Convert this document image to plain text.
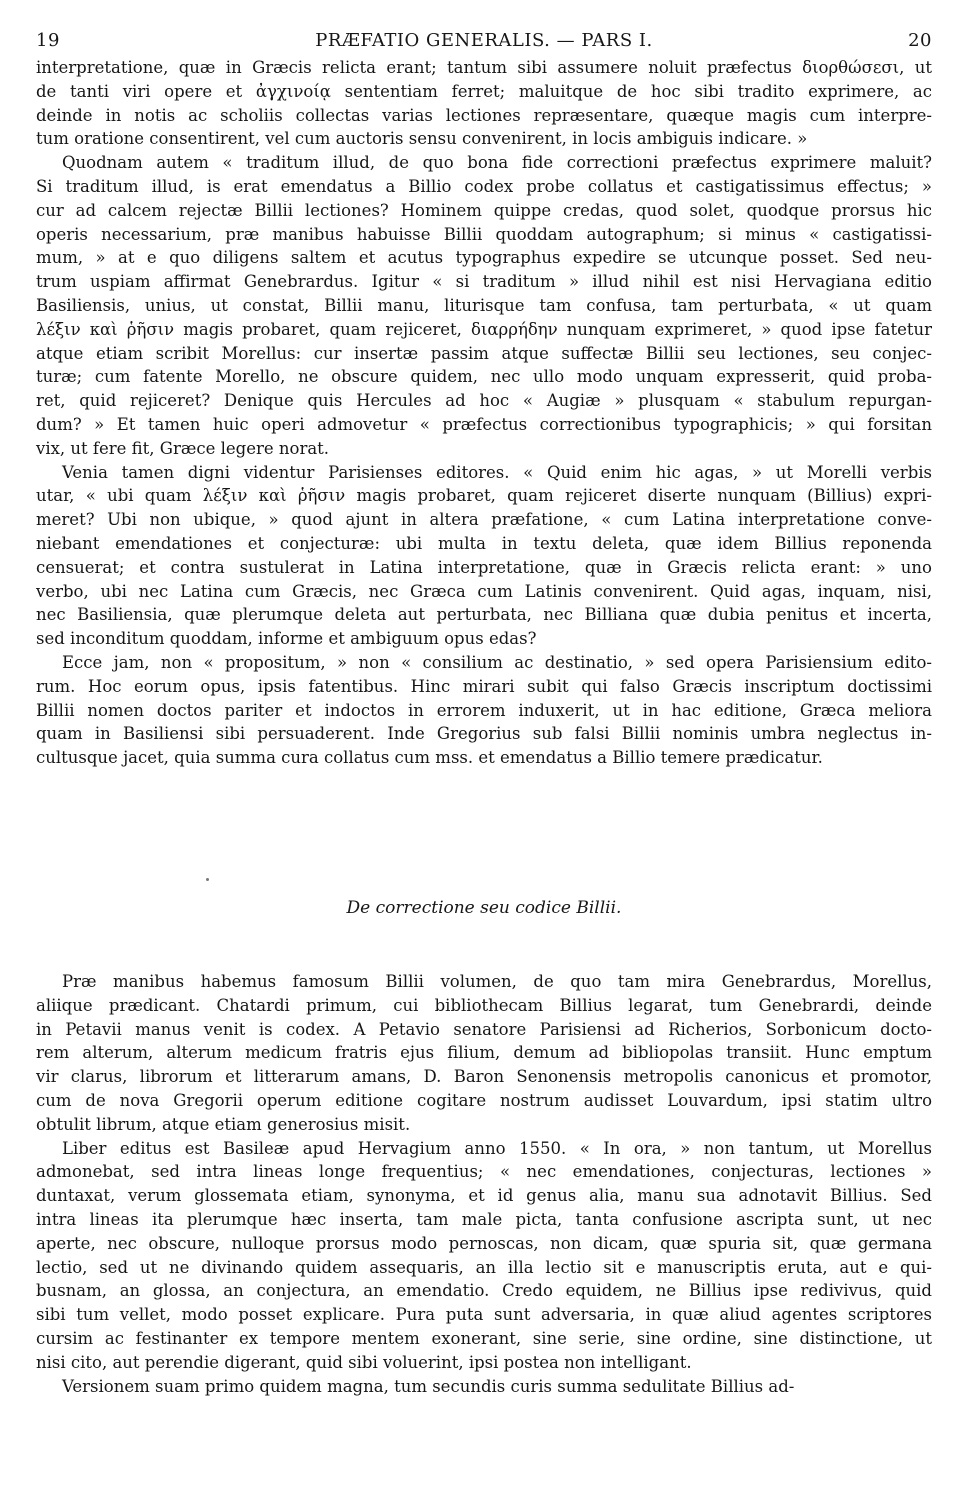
19	PRÆFATIO GENERALIS. — PARS I.	20

interpretatione, quæ in Græcis relicta erant; tantum sibi assumere noluit præfectus διορθώσεσι, ut
de tanti viri opere et ἀγχινοίᾳ sententiam ferret; maluitque de hoc sibi tradito exprimere, ac
deinde in notis ac scholiis collectas varias lectiones repræsentare, quæque magis cum interpre-
tum oratione consentirent, vel cum auctoris sensu convenirent, in locis ambiguis indicare. »

Quodnam autem « traditum illud, de quo bona fide correctioni præfectus exprimere maluit?
Si traditum illud, is erat emendatus a Billio codex probe collatus et castigatissimus effectus; »
cur ad calcem rejectæ Billii lectiones? Hominem quippe credas, quod solet, quodque prorsus hic
operis necessarium, præ manibus habuisse Billii quoddam autographum; si minus « castigatissi-
mum, » at e quo diligens saltem et acutus typographus expedire se utcunque posset. Sed neu-
trum uspiam affirmat Genebrardus. Igitur « si traditum » illud nihil est nisi Hervagiana editio
Basiliensis, unius, ut constat, Billii manu, liturisque tam confusa, tam perturbata, « ut quam
λέξιν καὶ ῥῆσιν magis probaret, quam rejiceret, διαρρήδην nunquam exprimeret, » quod ipse fatetur
atque etiam scribit Morellus: cur insertæ passim atque suffectæ Billii seu lectiones, seu conjec-
turæ; cum fatente Morello, ne obscure quidem, nec ullo modo unquam expresserit, quid proba-
ret, quid rejiceret? Denique quis Hercules ad hoc « Augiæ » plusquam « stabulum repurgan-
dum? » Et tamen huic operi admovetur « præfectus correctionibus typographicis; » qui forsitan
vix, ut fere fit, Græce legere norat.

Venia tamen digni videntur Parisienses editores. « Quid enim hic agas, » ut Morelli verbis
utar, « ubi quam λέξιν καὶ ῥῆσιν magis probaret, quam rejiceret diserte nunquam (Billius) expri-
meret? Ubi non ubique, » quod ajunt in altera præfatione, « cum Latina interpretatione conve-
niebant emendationes et conjecturæ: ubi multa in textu deleta, quæ idem Billius reponenda
censuerat; et contra sustulerat in Latina interpretatione, quæ in Græcis relicta erant: » uno
verbo, ubi nec Latina cum Græcis, nec Græca cum Latinis convenirent. Quid agas, inquam, nisi,
nec Basiliensia, quæ plerumque deleta aut perturbata, nec Billiana quæ dubia penitus et incerta,
sed inconditum quoddam, informe et ambiguum opus edas?

Ecce jam, non « propositum, » non « consilium ac destinatio, » sed opera Parisiensium edito-
rum. Hoc eorum opus, ipsis fatentibus. Hinc mirari subit qui falso Græcis inscriptum doctissimi
Billii nomen doctos pariter et indoctos in errorem induxerit, ut in hac editione, Græca meliora
quam in Basiliensi sibi persuaderent. Inde Gregorius sub falsi Billii nominis umbra neglectus in-
cultusque jacet, quia summa cura collatus cum mss. et emendatus a Billio temere prædicatur.

De correctione seu codice Billii.

Præ manibus habemus famosum Billii volumen, de quo tam mira Genebrardus, Morellus,
aliique prædicant. Chatardi primum, cui bibliothecam Billius legarat, tum Genebrardi, deinde
in Petavii manus venit is codex. A Petavio senatore Parisiensi ad Richerios, Sorbonicum docto-
rem alterum, alterum medicum fratris ejus filium, demum ad bibliopolas transiit. Hunc emptum
vir clarus, librorum et litterarum amans, D. Baron Senonensis metropolis canonicus et promotor,
cum de nova Gregorii operum editione cogitare nostrum audisset Louvardum, ipsi statim ultro
obtulit librum, atque etiam generosius misit.

Liber editus est Basileæ apud Hervagium anno 1550. « In ora, » non tantum, ut Morellus
admonebat, sed intra lineas longe frequentius; « nec emendationes, conjecturas, lectiones »
duntaxat, verum glossemata etiam, synonyma, et id genus alia, manu sua adnotavit Billius. Sed
intra lineas ita plerumque hæc inserta, tam male picta, tanta confusione ascripta sunt, ut nec
aperte, nec obscure, nulloque prorsus modo pernoscas, non dicam, quæ spuria sit, quæ germana
lectio, sed ut ne divinando quidem assequaris, an illa lectio sit e manuscriptis eruta, aut e qui-
busnam, an glossa, an conjectura, an emendatio. Credo equidem, ne Billius ipse redivivus, quid
sibi tum vellet, modo posset explicare. Pura puta sunt adversaria, in quæ aliud agentes scriptores
cursim ac festinanter ex tempore mentem exonerant, sine serie, sine ordine, sine distinctione, ut
nisi cito, aut perendie digerant, quid sibi voluerint, ipsi postea non intelligant.

Versionem suam primo quidem magna, tum secundis curis summa sedulitate Billius ad-
